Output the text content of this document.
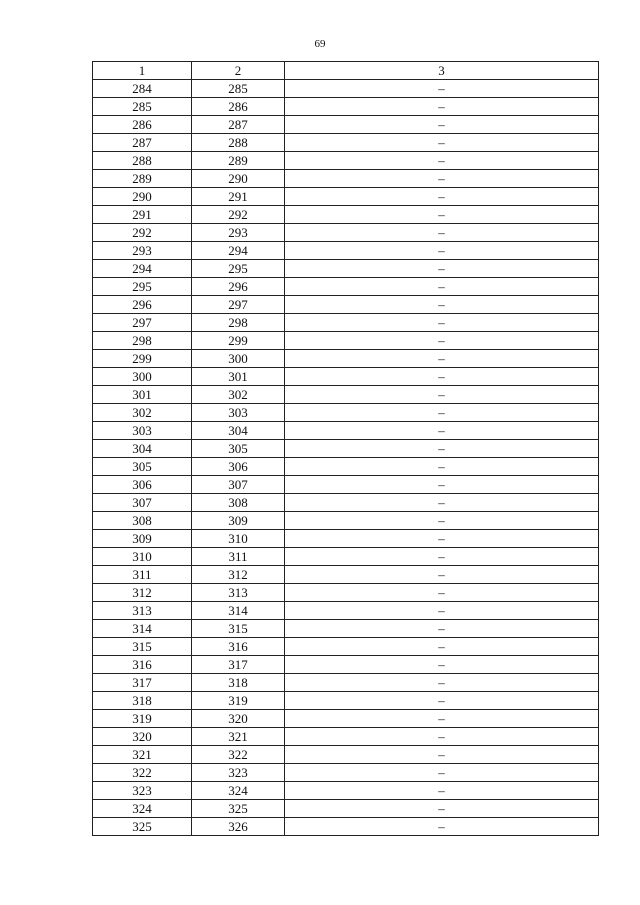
69
1	2	3
284	285	–
285	286	–
286	287	–
287	288	–
288	289	–
289	290	–
290	291	–
291	292	–
292	293	–
293	294	–
294	295	–
295	296	–
296	297	–
297	298	–
298	299	–
299	300	–
300	301	–
301	302	–
302	303	–
303	304	–
304	305	–
305	306	–
306	307	–
307	308	–
308	309	–
309	310	–
310	311	–
311	312	–
312	313	–
313	314	–
314	315	–
315	316	–
316	317	–
317	318	–
318	319	–
319	320	–
320	321	–
321	322	–
322	323	–
323	324	–
324	325	–
325	326	–
